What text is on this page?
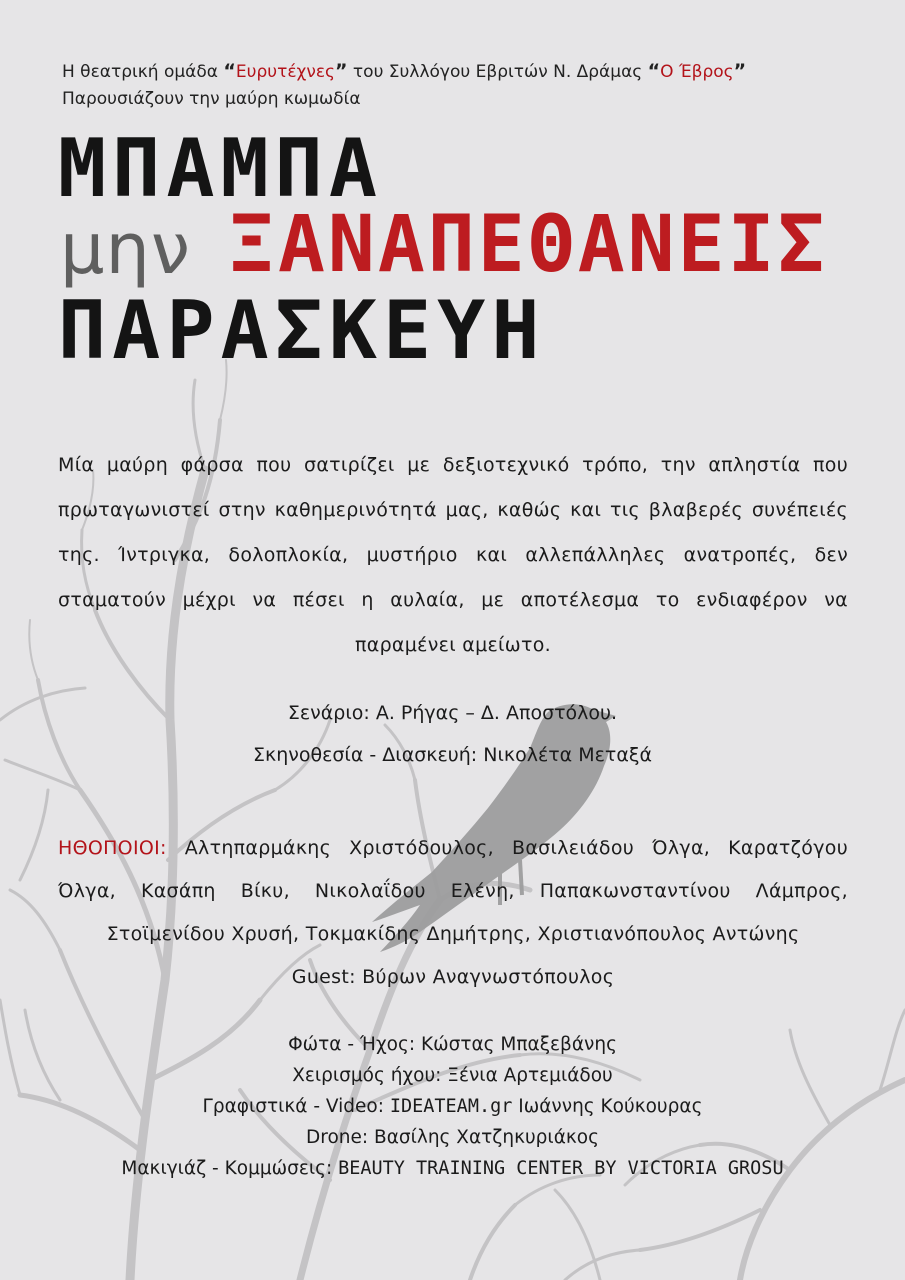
Η θεατρική ομάδα “Ευρυτέχνες” του Συλλόγου Εβριτών Ν. Δράμας “Ο Έβρος”
Παρουσιάζουν την μαύρη κωμωδία
ΜΠΑΜΠΑ
μην ΞΑΝΑΠΕΘΑΝΕΙΣ
ΠΑΡΑΣΚΕΥΗ
Μία μαύρη φάρσα που σατιρίζει με δεξιοτεχνικό τρόπο, την απληστία που πρωταγωνιστεί στην καθημερινότητά μας, καθώς και τις βλαβερές συνέπειές της. Ίντριγκα, δολοπλοκία, μυστήριο και αλλεπάλληλες ανατροπές, δεν σταματούν μέχρι να πέσει η αυλαία, με αποτέλεσμα το ενδιαφέρον να παραμένει αμείωτο.
Σενάριο: Α. Ρήγας – Δ. Αποστόλου.
Σκηνοθεσία - Διασκευή: Νικολέτα Μεταξά
ΗΘΟΠΟΙΟΙ: Αλτηπαρμάκης Χριστόδουλος, Βασιλειάδου Όλγα, Καρατζόγου Όλγα, Κασάπη Βίκυ, Νικολαΐδου Ελένη, Παπακωνσταντίνου Λάμπρος, Στοϊμενίδου Χρυσή, Τοκμακίδης Δημήτρης, Χριστιανόπουλος Αντώνης
Guest: Βύρων Αναγνωστόπουλος
Φώτα - Ήχος: Κώστας Μπαξεβάνης
Χειρισμός ήχου: Ξένια Αρτεμιάδου
Γραφιστικά - Video: IDEATEAM.gr Ιωάννης Κούκουρας
Drone: Βασίλης Χατζηκυριάκος
Μακιγιάζ - Κομμώσεις: BEAUTY TRAINING CENTER BY VICTORIA GROSU
